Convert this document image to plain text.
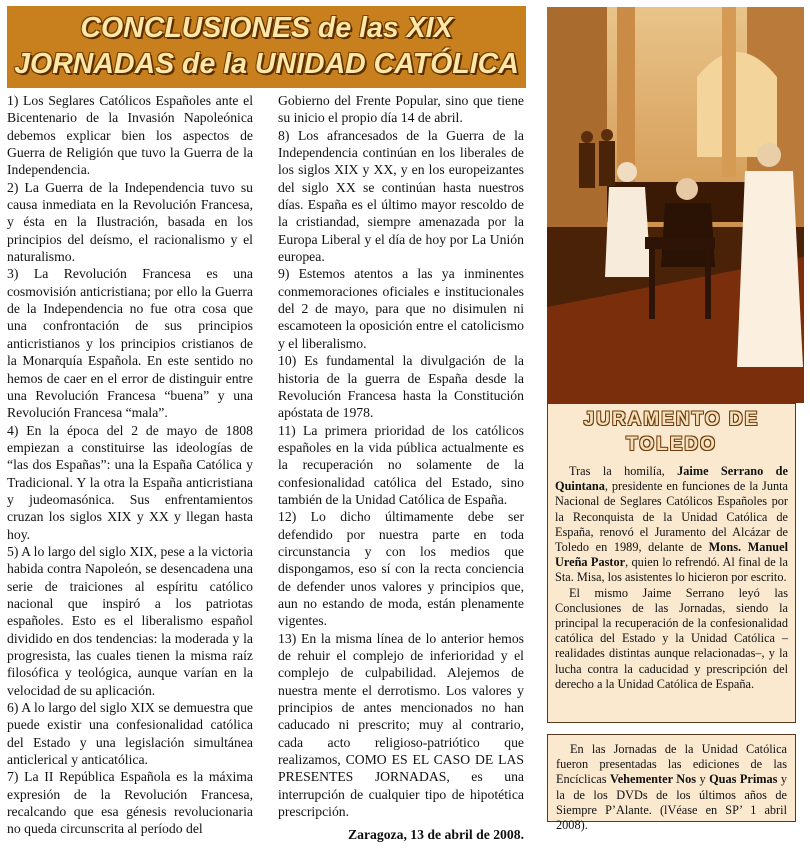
CONCLUSIONES de las XIX
JORNADAS de la UNIDAD CATÓLICA

1) Los Seglares Católicos Españoles ante el Bicentenario de la Invasión Napoleónica debemos explicar bien los aspectos de Guerra de Religión que tuvo la Guerra de la Independencia.

2) La Guerra de la Independencia tuvo su causa inmediata en la Revolución Francesa, y ésta en la Ilustración, basada en los principios del deísmo, el racionalismo y el naturalismo.

3) La Revolución Francesa es una cosmovisión anticristiana; por ello la Guerra de la Independencia no fue otra cosa que una confrontación de sus principios anticristianos y los principios cristianos de la Monarquía Española. En este sentido no hemos de caer en el error de distinguir entre una Revolución Francesa “buena” y una Revolución Francesa “mala”.

4) En la época del 2 de mayo de 1808 empiezan a constituirse las ideologías de “las dos Españas”: una la España Católica y Tradicional. Y la otra la España anticristiana y judeomasónica. Sus enfrentamientos cruzan los siglos XIX y XX y llegan hasta hoy.

5) A lo largo del siglo XIX, pese a la victoria habida contra Napoleón, se desencadena una serie de traiciones al espíritu católico nacional que inspiró a los patriotas españoles. Esto es el liberalismo español dividido en dos tendencias: la moderada y la progresista, las cuales tienen la misma raíz filosófica y teológica, aunque varían en la velocidad de su aplicación.

6) A lo largo del siglo XIX se demuestra que puede existir una confesionalidad católica del Estado y una legislación simultánea anticlerical y anticatólica.

7) La II República Española es la máxima expresión de la Revolución Francesa, recalcando que esa génesis revolucionaria no queda circunscrita al período del

Gobierno del Frente Popular, sino que tiene su inicio el propio día 14 de abril.

8) Los afrancesados de la Guerra de la Independencia continúan en los liberales de los siglos XIX y XX, y en los europeizantes del siglo XX se continúan hasta nuestros días. España es el último mayor rescoldo de la cristiandad, siempre amenazada por la Europa Liberal y el día de hoy por La Unión europea.

9) Estemos atentos a las ya inminentes conmemoraciones oficiales e institucionales del 2 de mayo, para que no disimulen ni escamoteen la oposición entre el catolicismo y el liberalismo.

10) Es fundamental la divulgación de la historia de la guerra de España desde la Revolución Francesa hasta la Constitución apóstata de 1978.

11) La primera prioridad de los católicos españoles en la vida pública actualmente es la recuperación no solamente de la confesionalidad católica del Estado, sino también de la Unidad Católica de España.

12) Lo dicho últimamente debe ser defendido por nuestra parte en toda circunstancia y con los medios que dispongamos, eso sí con la recta conciencia de defender unos valores y principios que, aun no estando de moda, están plenamente vigentes.

13) En la misma línea de lo anterior hemos de rehuir el complejo de inferioridad y el complejo de culpabilidad. Alejemos de nuestra mente el derrotismo. Los valores y principios de antes mencionados no han caducado ni prescrito; muy al contrario, cada acto religioso-patriótico que realizamos, COMO ES EL CASO DE LAS PRESENTES JORNADAS, es una interrupción de cualquier tipo de hipotética prescripción.

Zaragoza, 13 de abril de 2008.

JURAMENTO DE
TOLEDO

Tras la homilía, Jaime Serrano de Quintana, presidente en funciones de la Junta Nacional de Seglares Católicos Españoles por la Reconquista de la Unidad Católica de España, renovó el Juramento del Alcázar de Toledo en 1989, delante de Mons. Manuel Ureña Pastor, quien lo refrendó. Al final de la Sta. Misa, los asistentes lo hicieron por escrito.

El mismo Jaime Serrano leyó las Conclusiones de las Jornadas, siendo la principal la recuperación de la confesionalidad católica del Estado y la Unidad Católica –realidades distintas aunque relacionadas–, y la lucha contra la caducidad y prescripción del derecho a la Unidad Católica de España.

En las Jornadas de la Unidad Católica fueron presentadas las ediciones de las Encíclicas Vehementer Nos y Quas Primas y la de los DVDs de los últimos años de Siempre P’Alante. (lVéase en SP’ 1 abril 2008).
